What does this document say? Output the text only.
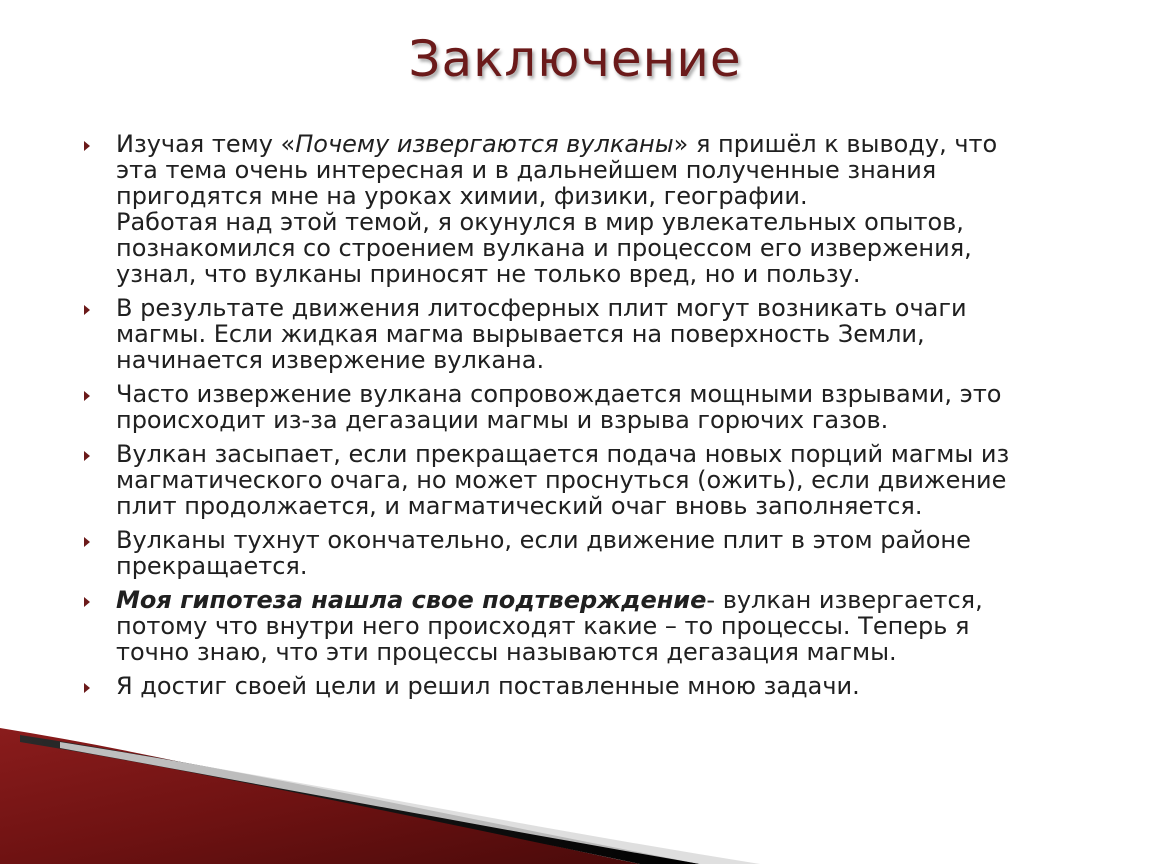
Заключение
Изучая тему «Почему извергаются вулканы» я пришёл к выводу, что
эта тема очень интересная и в дальнейшем полученные знания
пригодятся мне на уроках химии, физики, географии.
Работая над этой темой, я окунулся в мир увлекательных опытов,
познакомился со строением вулкана и процессом его извержения,
узнал, что вулканы приносят не только вред, но и пользу.
В результате движения литосферных плит могут возникать очаги
магмы. Если жидкая магма вырывается на поверхность Земли,
начинается извержение вулкана.
Часто извержение вулкана сопровождается мощными взрывами, это
происходит из-за дегазации магмы и взрыва горючих газов.
Вулкан засыпает, если прекращается подача новых порций магмы из
магматического очага, но может проснуться (ожить), если движение
плит продолжается, и магматический очаг вновь заполняется.
Вулканы тухнут окончательно, если движение плит в этом районе
прекращается.
Моя гипотеза нашла свое подтверждение- вулкан извергается,
потому что внутри него происходят какие – то процессы. Теперь я
точно знаю, что эти процессы называются дегазация магмы.
Я достиг своей цели и решил поставленные мною задачи.
